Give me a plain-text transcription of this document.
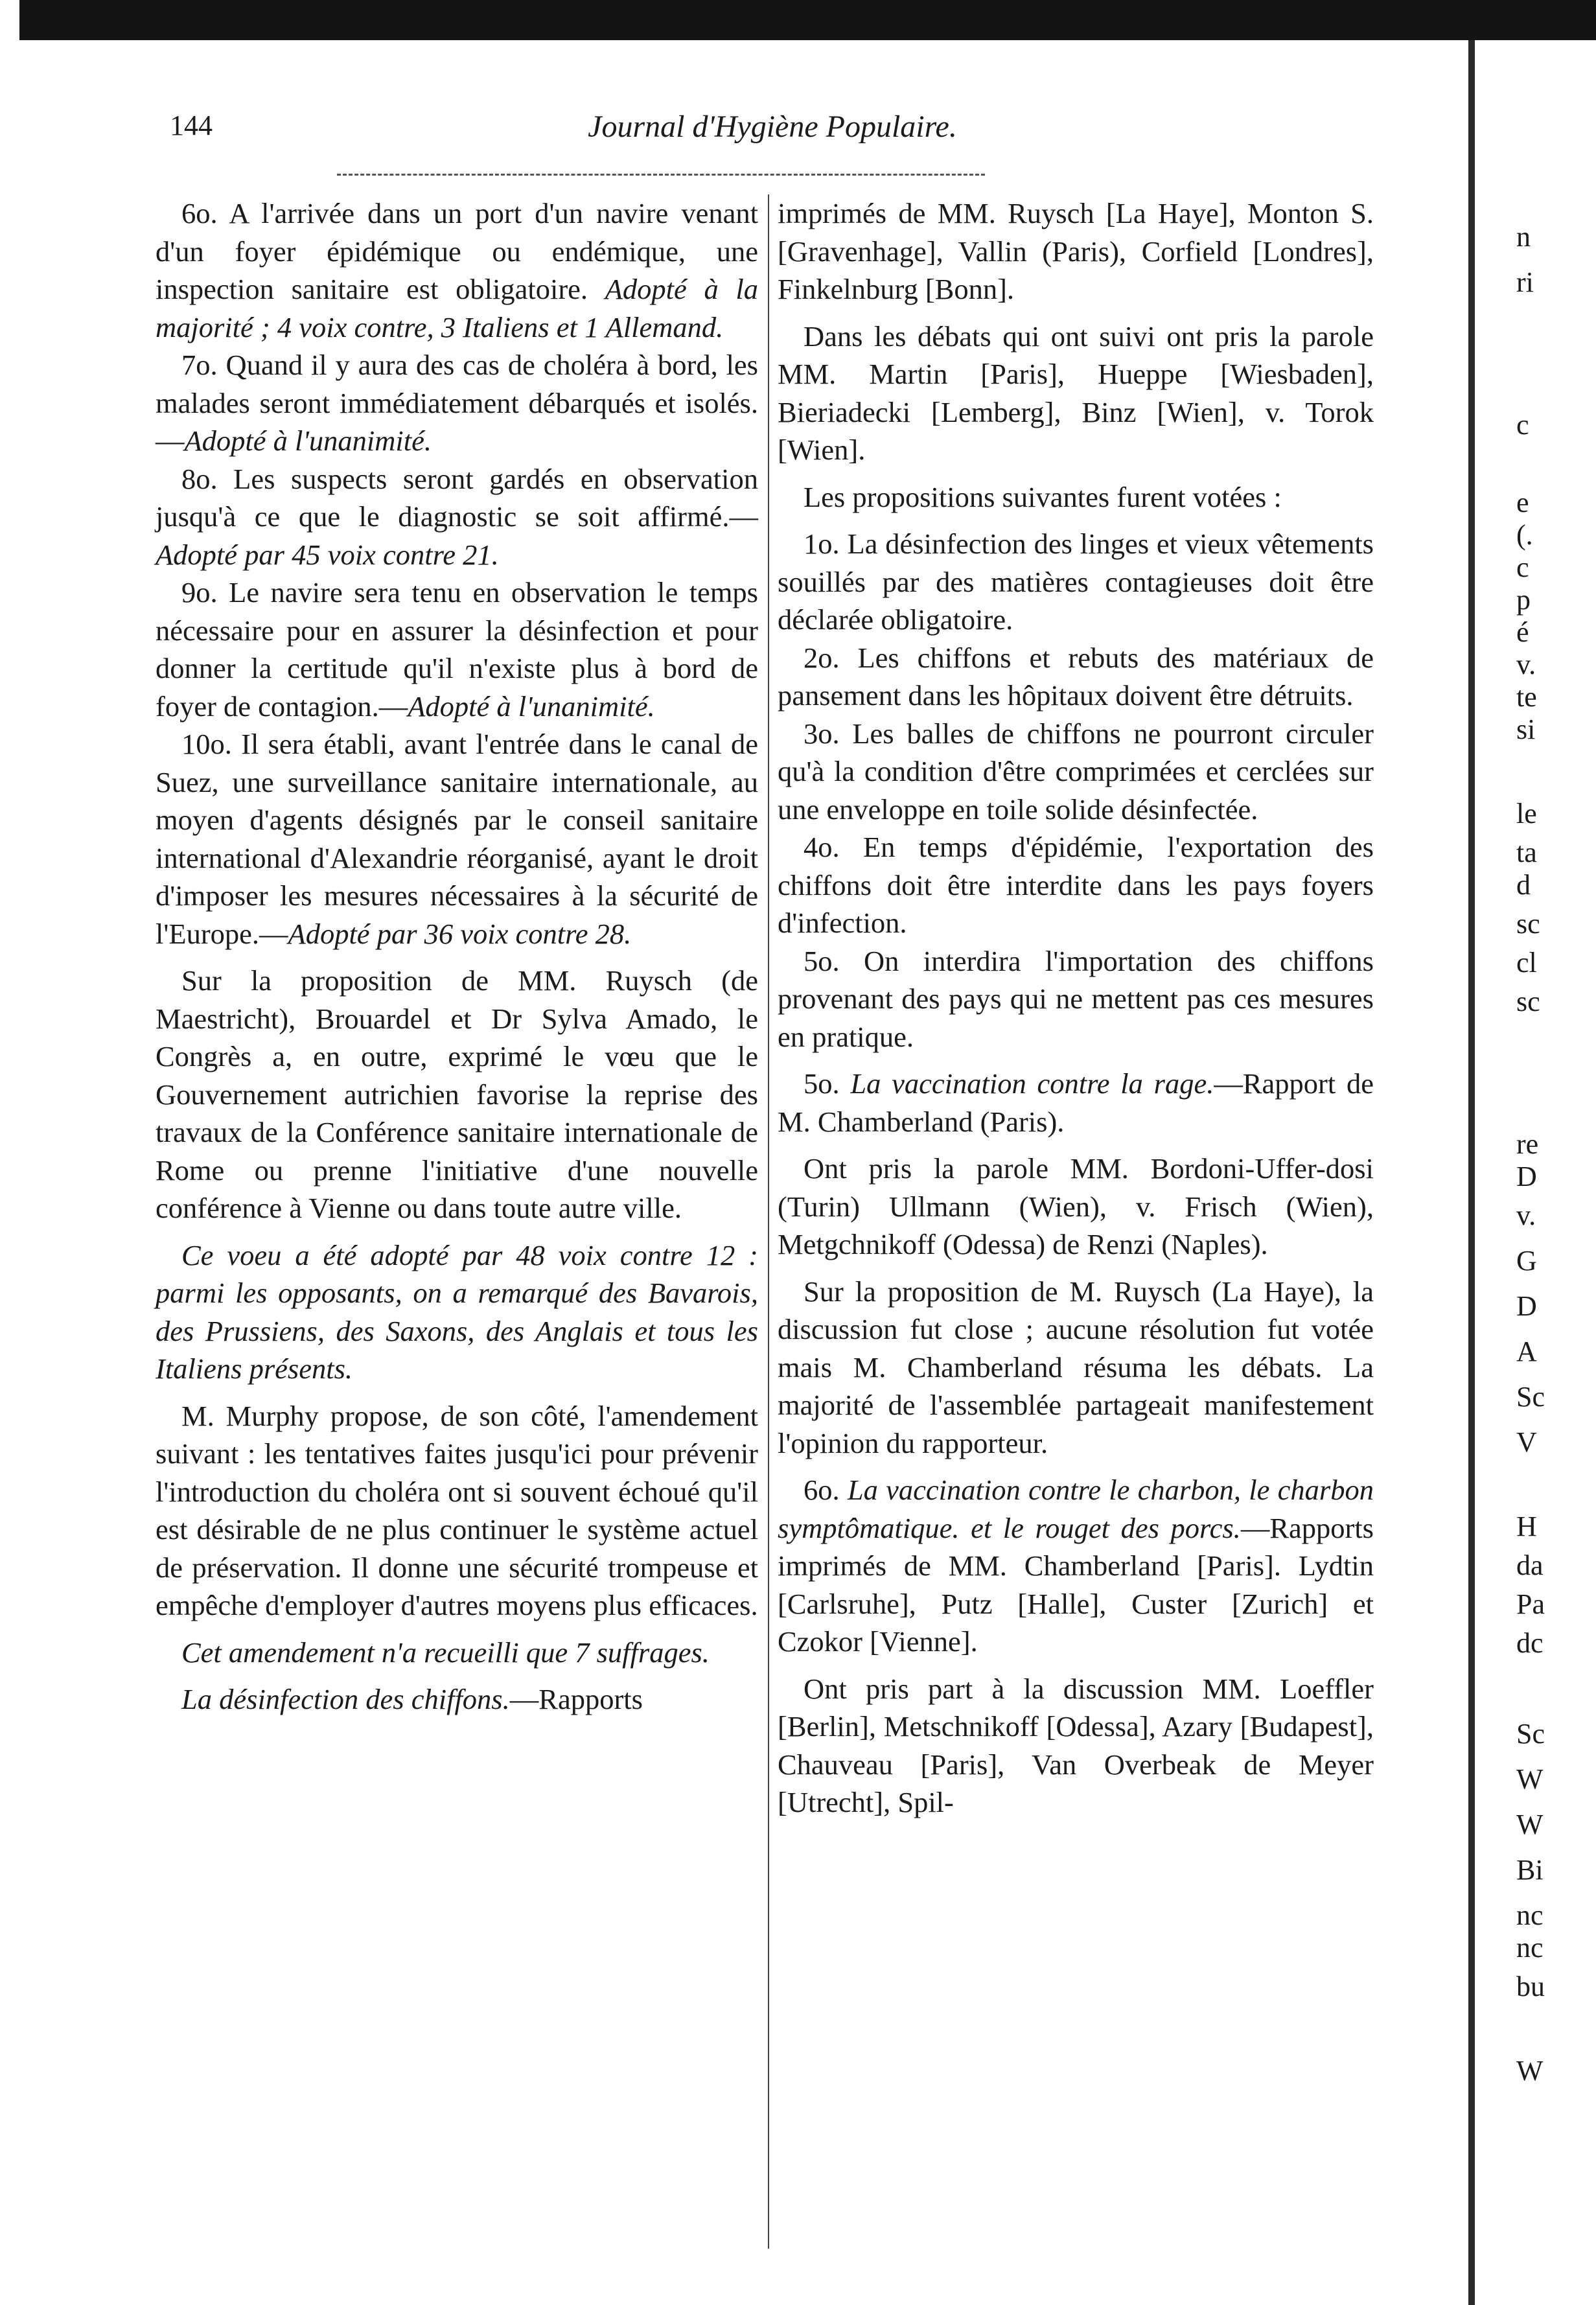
144	Journal d'Hygiène Populaire.

6o. A l'arrivée dans un port d'un navire venant d'un foyer épidémique ou endémique, une inspection sanitaire est obligatoire. Adopté à la majorité ; 4 voix contre, 3 Italiens et 1 Allemand.

7o. Quand il y aura des cas de choléra à bord, les malades seront immédiatement débarqués et isolés.—Adopté à l'unanimité.

8o. Les suspects seront gardés en observation jusqu'à ce que le diagnostic se soit affirmé.—Adopté par 45 voix contre 21.

9o. Le navire sera tenu en observation le temps nécessaire pour en assurer la désinfection et pour donner la certitude qu'il n'existe plus à bord de foyer de contagion.—Adopté à l'unanimité.

10o. Il sera établi, avant l'entrée dans le canal de Suez, une surveillance sanitaire internationale, au moyen d'agents désignés par le conseil sanitaire international d'Alexandrie réorganisé, ayant le droit d'imposer les mesures nécessaires à la sécurité de l'Europe.—Adopté par 36 voix contre 28.

Sur la proposition de MM. Ruysch (de Maestricht), Brouardel et Dr Sylva Amado, le Congrès a, en outre, exprimé le vœu que le Gouvernement autrichien favorise la reprise des travaux de la Conférence sanitaire internationale de Rome ou prenne l'initiative d'une nouvelle conférence à Vienne ou dans toute autre ville.

Ce voeu a été adopté par 48 voix contre 12 : parmi les opposants, on a remarqué des Bavarois, des Prussiens, des Saxons, des Anglais et tous les Italiens présents.

M. Murphy propose, de son côté, l'amendement suivant : les tentatives faites jusqu'ici pour prévenir l'introduction du choléra ont si souvent échoué qu'il est désirable de ne plus continuer le système actuel de préservation. Il donne une sécurité trompeuse et empêche d'employer d'autres moyens plus efficaces.

Cet amendement n'a recueilli que 7 suffrages.

La désinfection des chiffons.—Rapports

imprimés de MM. Ruysch [La Haye], Monton S. [Gravenhage], Vallin (Paris), Corfield [Londres], Finkelnburg [Bonn].

Dans les débats qui ont suivi ont pris la parole MM. Martin [Paris], Hueppe [Wiesbaden], Bieriadecki [Lemberg], Binz [Wien], v. Torok [Wien].

Les propositions suivantes furent votées :

1o. La désinfection des linges et vieux vêtements souillés par des matières contagieuses doit être déclarée obligatoire.

2o. Les chiffons et rebuts des matériaux de pansement dans les hôpitaux doivent être détruits.

3o. Les balles de chiffons ne pourront circuler qu'à la condition d'être comprimées et cerclées sur une enveloppe en toile solide désinfectée.

4o. En temps d'épidémie, l'exportation des chiffons doit être interdite dans les pays foyers d'infection.

5o. On interdira l'importation des chiffons provenant des pays qui ne mettent pas ces mesures en pratique.

5o. La vaccination contre la rage.—Rapport de M. Chamberland (Paris).

Ont pris la parole MM. Bordoni-Uffer-dosi (Turin) Ullmann (Wien), v. Frisch (Wien), Metgchnikoff (Odessa) de Renzi (Naples).

Sur la proposition de M. Ruysch (La Haye), la discussion fut close ; aucune résolution fut votée mais M. Chamberland résuma les débats. La majorité de l'assemblée partageait manifestement l'opinion du rapporteur.

6o. La vaccination contre le charbon, le charbon symptômatique. et le rouget des porcs.—Rapports imprimés de MM. Chamberland [Paris]. Lydtin [Carlsruhe], Putz [Halle], Custer [Zurich] et Czokor [Vienne].

Ont pris part à la discussion MM. Loeffler [Berlin], Metschnikoff [Odessa], Azary [Budapest], Chauveau [Paris], Van Overbeak de Meyer [Utrecht], Spil-

n
ri
c
e
(.
c
p
é
v.
te
si
le
ta
d
sc
cl
sc
re
D
v.
G
D
A
Sc
V
H
da
Pa
dc
Sc
W
W
Bi
nc
nc
bu
W
